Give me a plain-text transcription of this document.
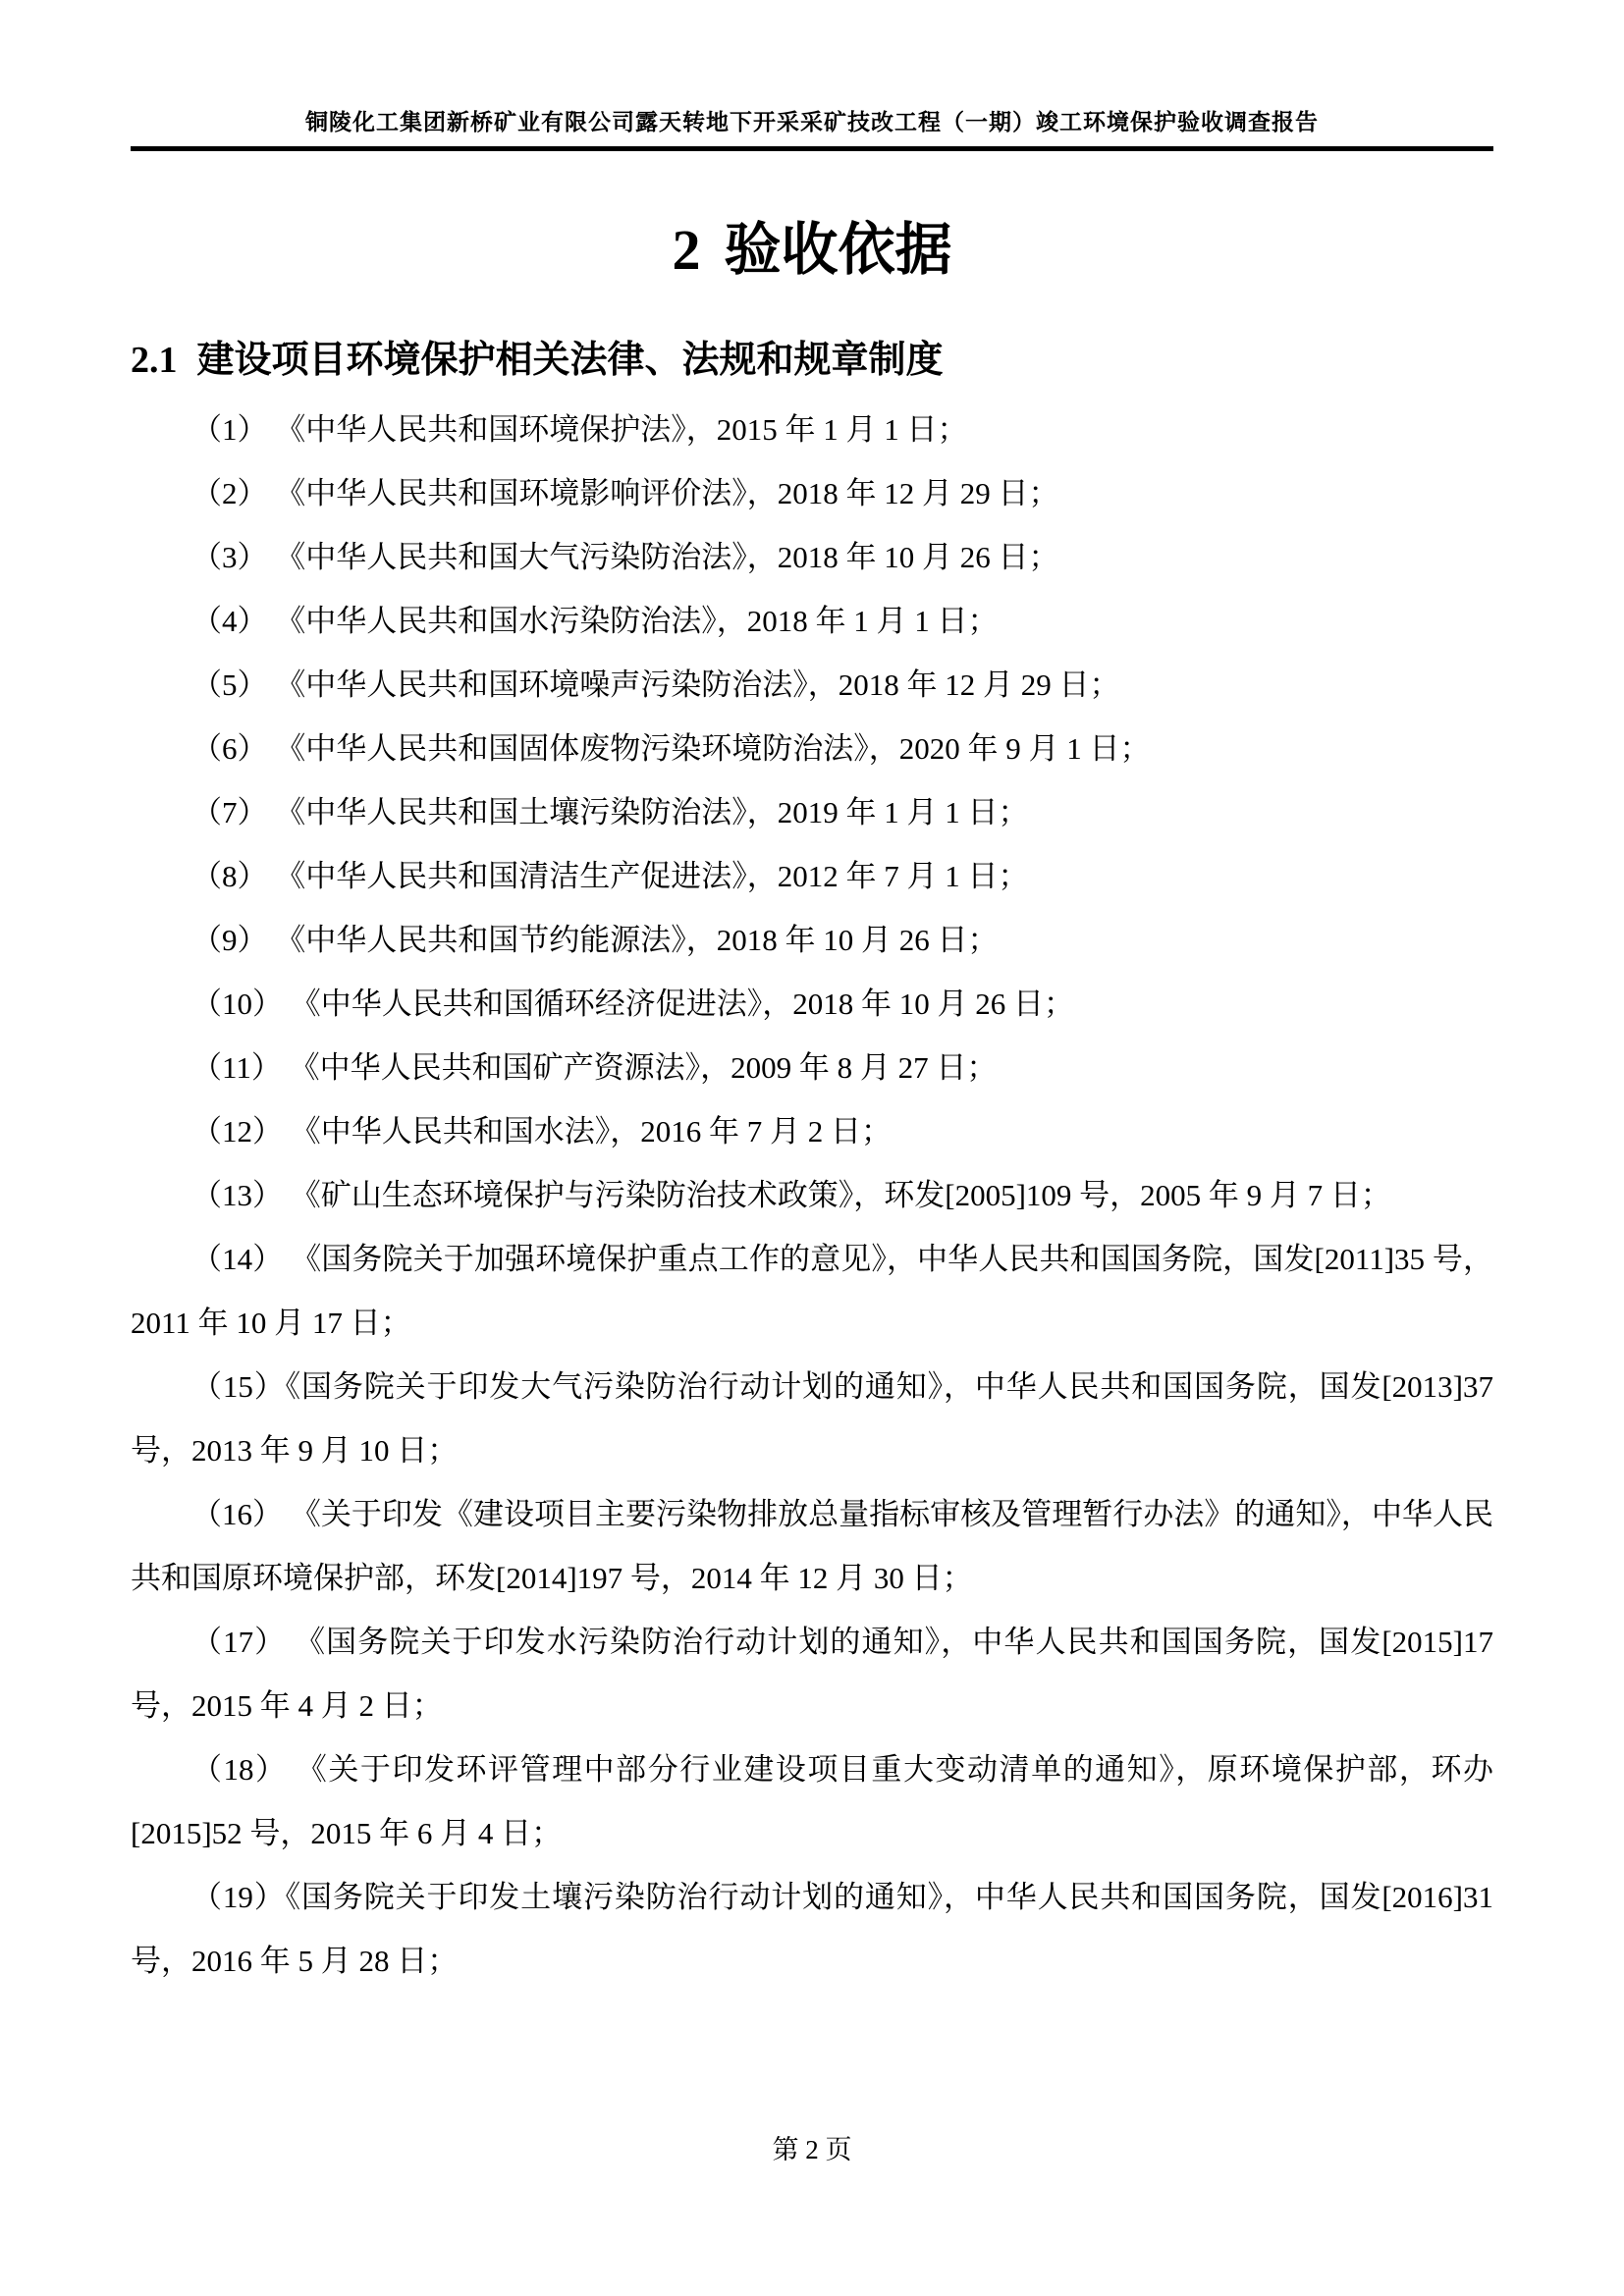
铜陵化工集团新桥矿业有限公司露天转地下开采采矿技改工程（一期）竣工环境保护验收调查报告
2 验收依据
2.1 建设项目环境保护相关法律、法规和规章制度

（1） 《中华人民共和国环境保护法》，2015 年 1 月 1 日；

（2） 《中华人民共和国环境影响评价法》，2018 年 12 月 29 日；

（3） 《中华人民共和国大气污染防治法》，2018 年 10 月 26 日；

（4） 《中华人民共和国水污染防治法》，2018 年 1 月 1 日；

（5） 《中华人民共和国环境噪声污染防治法》，2018 年 12 月 29 日；

（6） 《中华人民共和国固体废物污染环境防治法》，2020 年 9 月 1 日；

（7） 《中华人民共和国土壤污染防治法》，2019 年 1 月 1 日；

（8） 《中华人民共和国清洁生产促进法》，2012 年 7 月 1 日；

（9） 《中华人民共和国节约能源法》，2018 年 10 月 26 日；

（10） 《中华人民共和国循环经济促进法》，2018 年 10 月 26 日；

（11） 《中华人民共和国矿产资源法》，2009 年 8 月 27 日；

（12） 《中华人民共和国水法》，2016 年 7 月 2 日；

（13） 《矿山生态环境保护与污染防治技术政策》，环发[2005]109 号，2005 年 9 月 7 日；

（14） 《国务院关于加强环境保护重点工作的意见》，中华人民共和国国务院，国发[2011]35 号，2011 年 10 月 17 日；

（15）《国务院关于印发大气污染防治行动计划的通知》，中华人民共和国国务院，国发[2013]37 号，2013 年 9 月 10 日；

（16） 《关于印发《建设项目主要污染物排放总量指标审核及管理暂行办法》的通知》，中华人民共和国原环境保护部，环发[2014]197 号，2014 年 12 月 30 日；

（17） 《国务院关于印发水污染防治行动计划的通知》，中华人民共和国国务院，国发[2015]17 号，2015 年 4 月 2 日；

（18） 《关于印发环评管理中部分行业建设项目重大变动清单的通知》，原环境保护部，环办[2015]52 号，2015 年 6 月 4 日；

（19）《国务院关于印发土壤污染防治行动计划的通知》，中华人民共和国国务院，国发[2016]31 号，2016 年 5 月 28 日；

第 2 页
